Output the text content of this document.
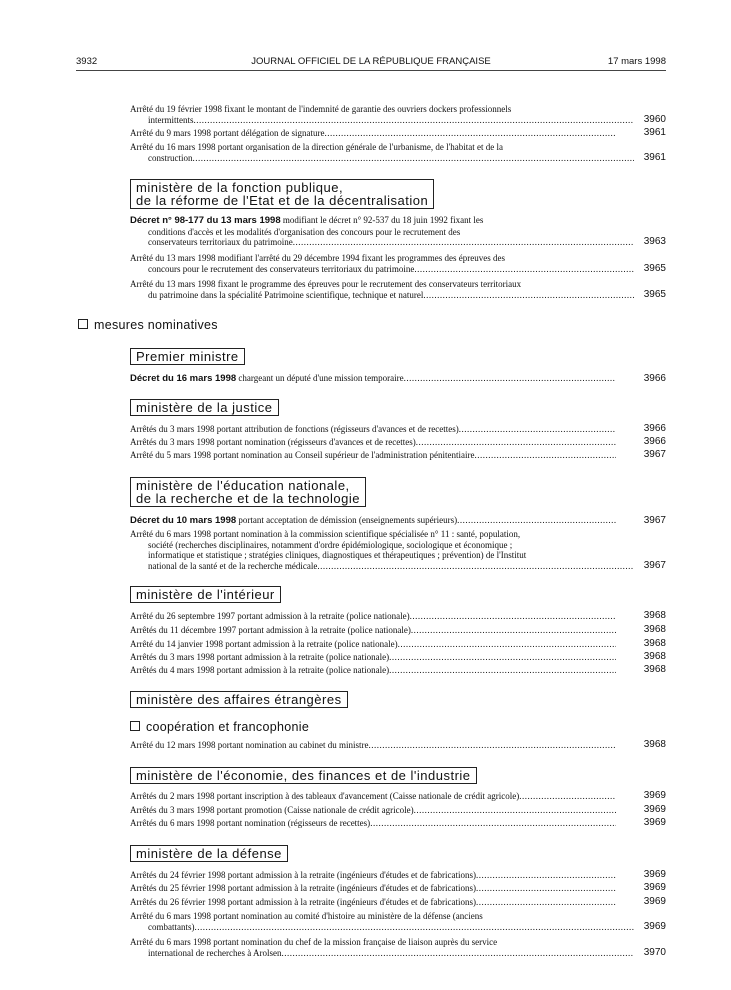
3932	JOURNAL OFFICIEL DE LA RÉPUBLIQUE FRANÇAISE	17 mars 1998
Arrêté du 19 février 1998 fixant le montant de l'indemnité de garantie des ouvriers dockers professionnels
intermittents .....	3960
Arrêté du 9 mars 1998 portant délégation de signature .....	3961
Arrêté du 16 mars 1998 portant organisation de la direction générale de l'urbanisme, de l'habitat et de la
construction .....	3961
ministère de la fonction publique,
de la réforme de l'Etat et de la décentralisation
Décret n° 98-177 du 13 mars 1998 modifiant le décret n° 92-537 du 18 juin 1992 fixant les
conditions d'accès et les modalités d'organisation des concours pour le recrutement des
conservateurs territoriaux du patrimoine .....	3963
Arrêté du 13 mars 1998 modifiant l'arrêté du 29 décembre 1994 fixant les programmes des épreuves des
concours pour le recrutement des conservateurs territoriaux du patrimoine .....	3965
Arrêté du 13 mars 1998 fixant le programme des épreuves pour le recrutement des conservateurs territoriaux
du patrimoine dans la spécialité Patrimoine scientifique, technique et naturel .....	3965
mesures nominatives
Premier ministre
Décret du 16 mars 1998 chargeant un député d'une mission temporaire .....	3966
ministère de la justice
Arrêtés du 3 mars 1998 portant attribution de fonctions (régisseurs d'avances et de recettes) .....	3966
Arrêtés du 3 mars 1998 portant nomination (régisseurs d'avances et de recettes) .....	3966
Arrêté du 5 mars 1998 portant nomination au Conseil supérieur de l'administration pénitentiaire .....	3967
ministère de l'éducation nationale,
de la recherche et de la technologie
Décret du 10 mars 1998 portant acceptation de démission (enseignements supérieurs) .....	3967
Arrêté du 6 mars 1998 portant nomination à la commission scientifique spécialisée n° 11 : santé, population,
société (recherches disciplinaires, notamment d'ordre épidémiologique, sociologique et économique ;
informatique et statistique ; stratégies cliniques, diagnostiques et thérapeutiques ; prévention) de l'Institut
national de la santé et de la recherche médicale .....	3967
ministère de l'intérieur
Arrêté du 26 septembre 1997 portant admission à la retraite (police nationale) .....	3968
Arrêtés du 11 décembre 1997 portant admission à la retraite (police nationale) .....	3968
Arrêté du 14 janvier 1998 portant admission à la retraite (police nationale) .....	3968
Arrêtés du 3 mars 1998 portant admission à la retraite (police nationale) .....	3968
Arrêtés du 4 mars 1998 portant admission à la retraite (police nationale) .....	3968
ministère des affaires étrangères
coopération et francophonie
Arrêté du 12 mars 1998 portant nomination au cabinet du ministre .....	3968
ministère de l'économie, des finances et de l'industrie
Arrêtés du 2 mars 1998 portant inscription à des tableaux d'avancement (Caisse nationale de crédit agricole) .....	3969
Arrêtés du 3 mars 1998 portant promotion (Caisse nationale de crédit agricole) .....	3969
Arrêtés du 6 mars 1998 portant nomination (régisseurs de recettes) .....	3969
ministère de la défense
Arrêtés du 24 février 1998 portant admission à la retraite (ingénieurs d'études et de fabrications) .....	3969
Arrêtés du 25 février 1998 portant admission à la retraite (ingénieurs d'études et de fabrications) .....	3969
Arrêtés du 26 février 1998 portant admission à la retraite (ingénieurs d'études et de fabrications) .....	3969
Arrêté du 6 mars 1998 portant nomination au comité d'histoire au ministère de la défense (anciens
combattants) .....	3969
Arrêté du 6 mars 1998 portant nomination du chef de la mission française de liaison auprès du service
international de recherches à Arolsen .....	3970
